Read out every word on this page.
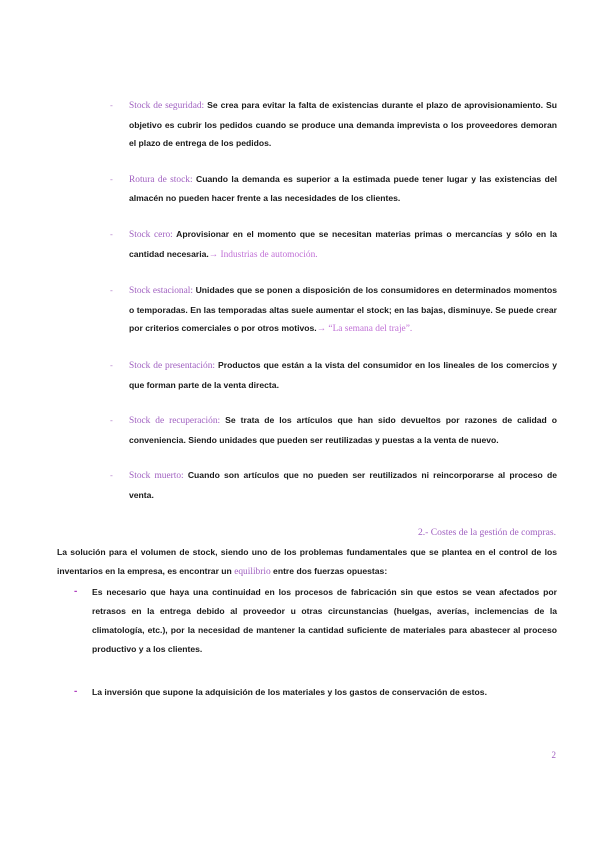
- Stock de seguridad: Se crea para evitar la falta de existencias durante el plazo de aprovisionamiento. Su objetivo es cubrir los pedidos cuando se produce una demanda imprevista o los proveedores demoran el plazo de entrega de los pedidos.
- Rotura de stock: Cuando la demanda es superior a la estimada puede tener lugar y las existencias del almacén no pueden hacer frente a las necesidades de los clientes.
- Stock cero: Aprovisionar en el momento que se necesitan materias primas o mercancías y sólo en la cantidad necesaria.→ Industrias de automoción.
- Stock estacional: Unidades que se ponen a disposición de los consumidores en determinados momentos o temporadas. En las temporadas altas suele aumentar el stock; en las bajas, disminuye. Se puede crear por criterios comerciales o por otros motivos.→ “La semana del traje”.
- Stock de presentación: Productos que están a la vista del consumidor en los lineales de los comercios y que forman parte de la venta directa.
- Stock de recuperación: Se trata de los artículos que han sido devueltos por razones de calidad o conveniencia. Siendo unidades que pueden ser reutilizadas y puestas a la venta de nuevo.
- Stock muerto: Cuando son artículos que no pueden ser reutilizados ni reincorporarse al proceso de venta.
2.- Costes de la gestión de compras.

La solución para el volumen de stock, siendo uno de los problemas fundamentales que se plantea en el control de los inventarios en la empresa, es encontrar un equilibrio entre dos fuerzas opuestas:

- Es necesario que haya una continuidad en los procesos de fabricación sin que estos se vean afectados por retrasos en la entrega debido al proveedor u otras circunstancias (huelgas, averías, inclemencias de la climatología, etc.), por la necesidad de mantener la cantidad suficiente de materiales para abastecer al proceso productivo y a los clientes.
- La inversión que supone la adquisición de los materiales y los gastos de conservación de estos.
2
